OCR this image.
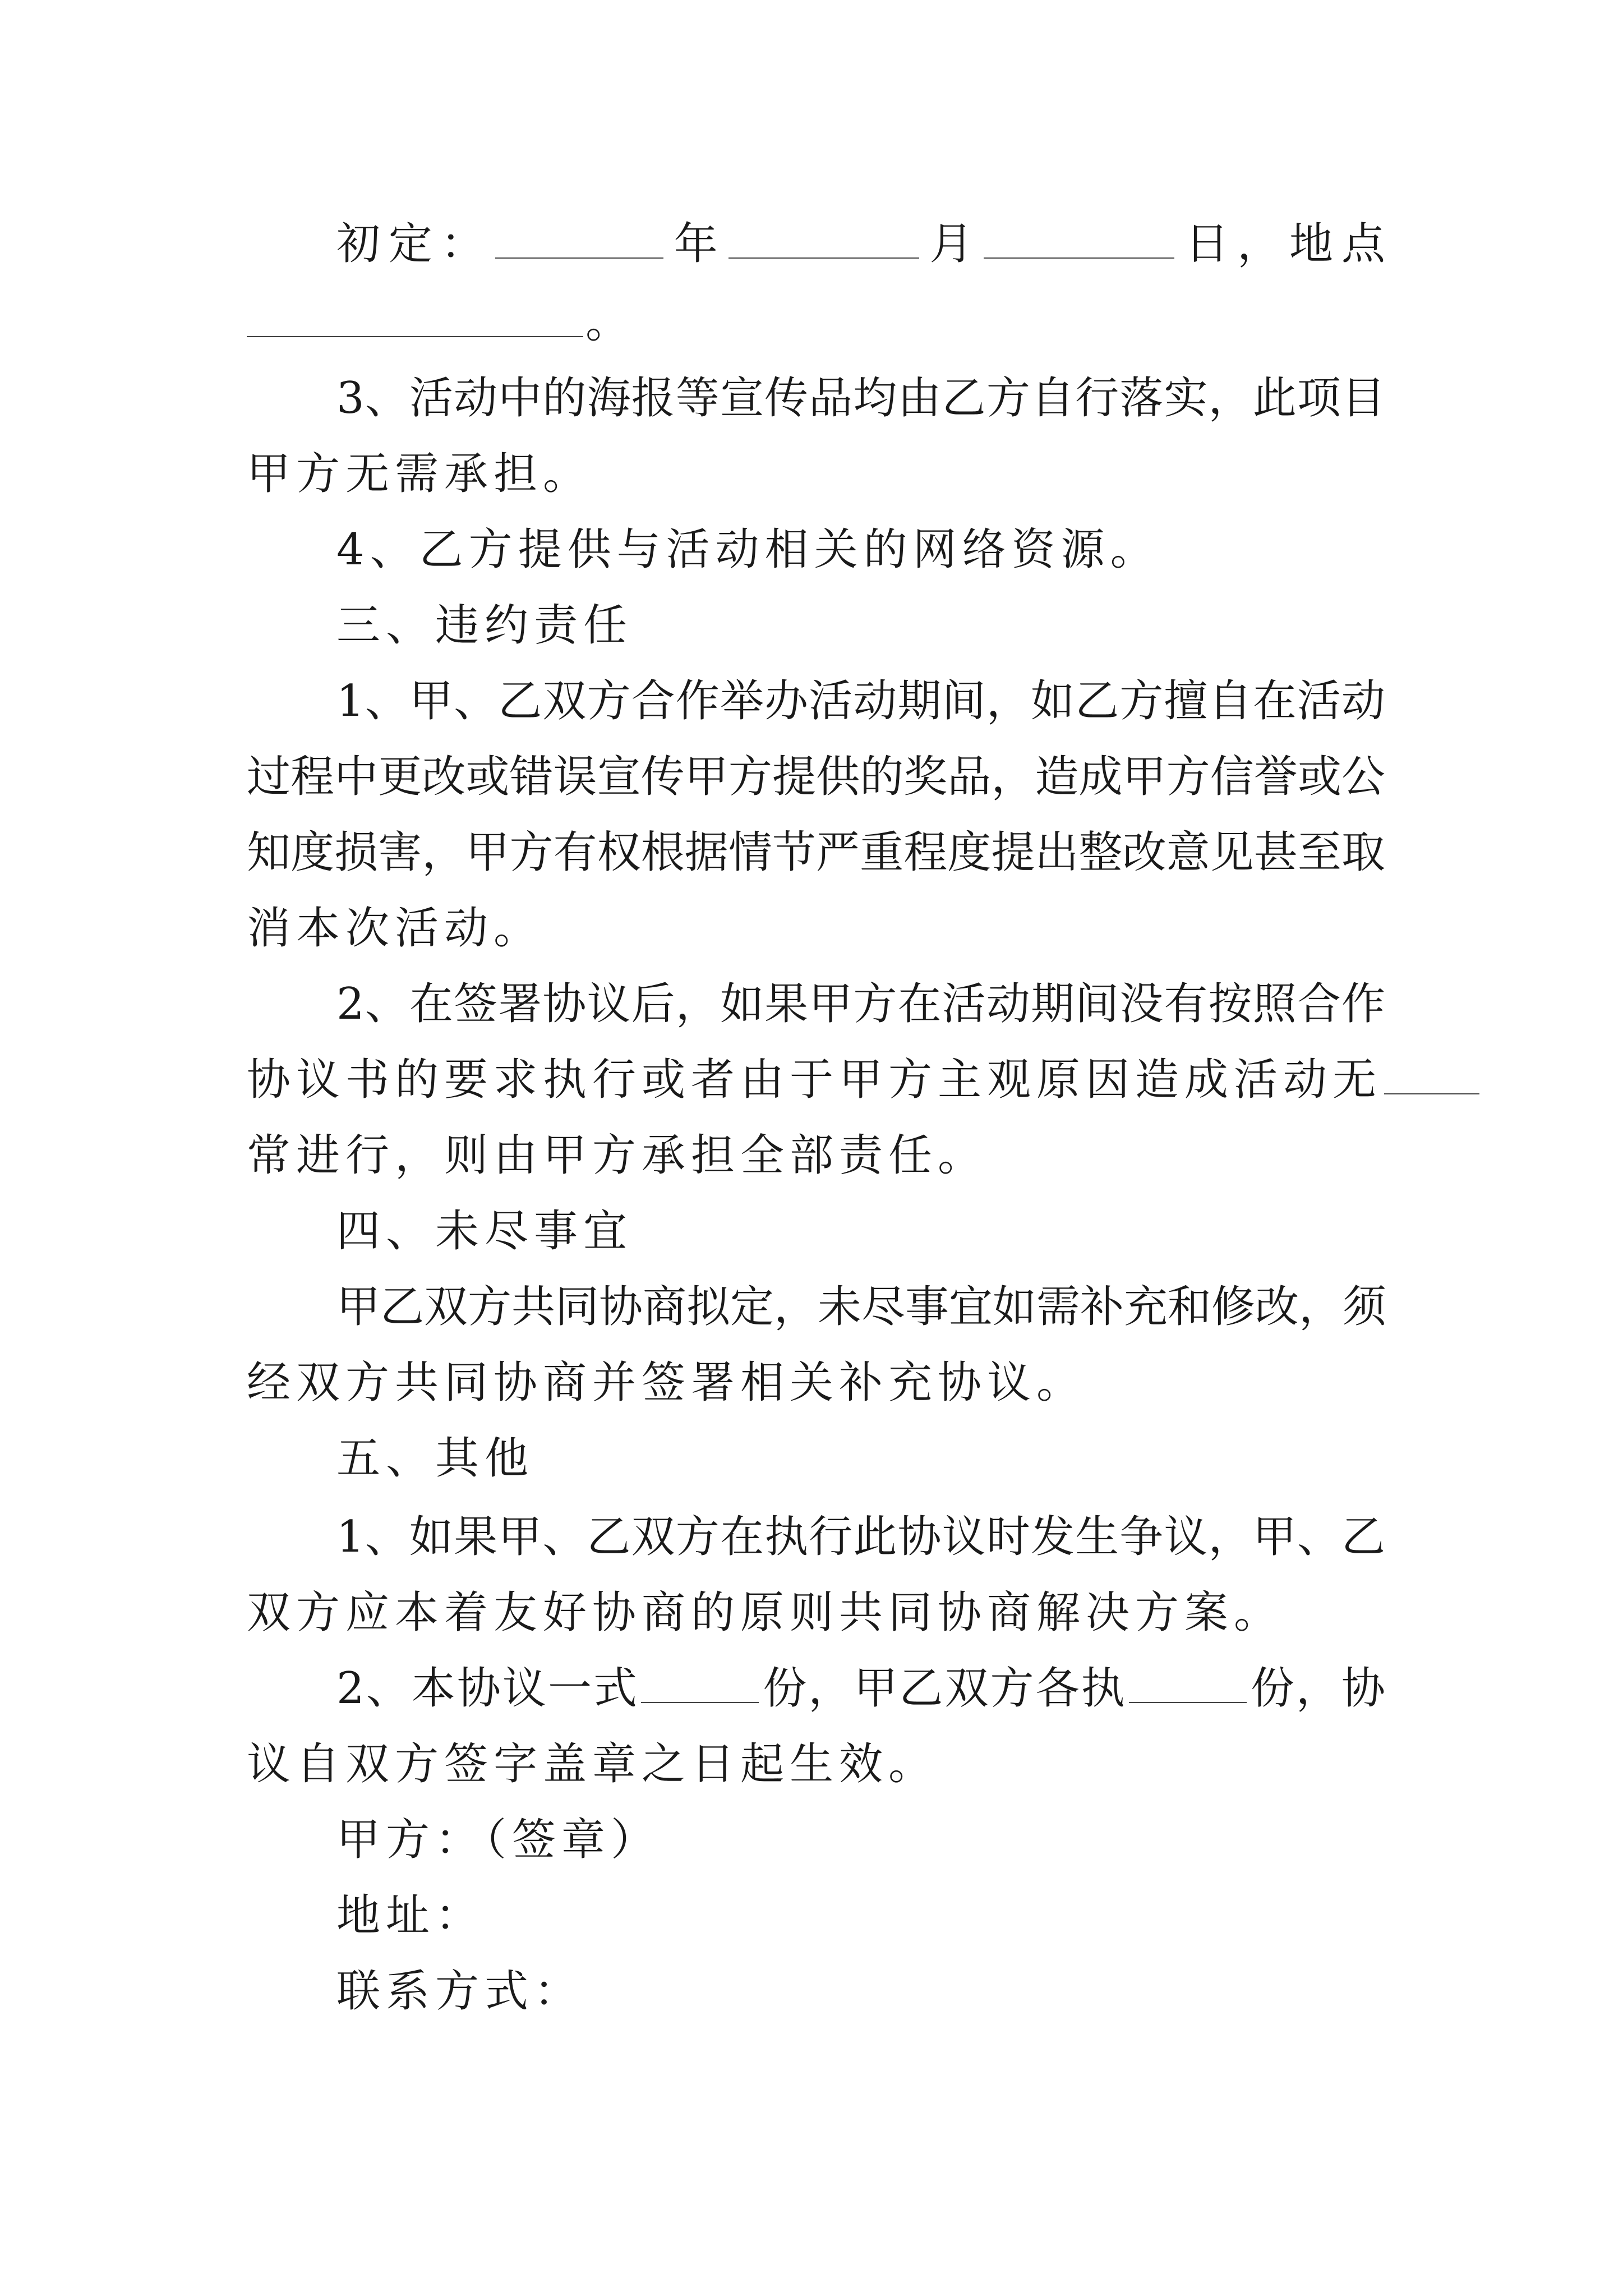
初定：	年	月	日，地点
。
3、活动中的海报等宣传品均由乙方自行落实，此项目
甲方无需承担。
4、乙方提供与活动相关的网络资源。
三、违约责任
1、甲、乙双方合作举办活动期间，如乙方擅自在活动
过程中更改或错误宣传甲方提供的奖品，造成甲方信誉或公
知度损害，甲方有权根据情节严重程度提出整改意见甚至取
消本次活动。
2、在签署协议后，如果甲方在活动期间没有按照合作
协议书的要求执行或者由于甲方主观原因造成活动无
常进行，则由甲方承担全部责任。
四、未尽事宜
甲乙双方共同协商拟定，未尽事宜如需补充和修改，须
经双方共同协商并签署相关补充协议。
五、其他
1、如果甲、乙双方在执行此协议时发生争议，甲、乙
双方应本着友好协商的原则共同协商解决方案。
2、本协议一式	份，甲乙双方各执	份，协
议自双方签字盖章之日起生效。
甲方：（签章）
地址：
联系方式：
